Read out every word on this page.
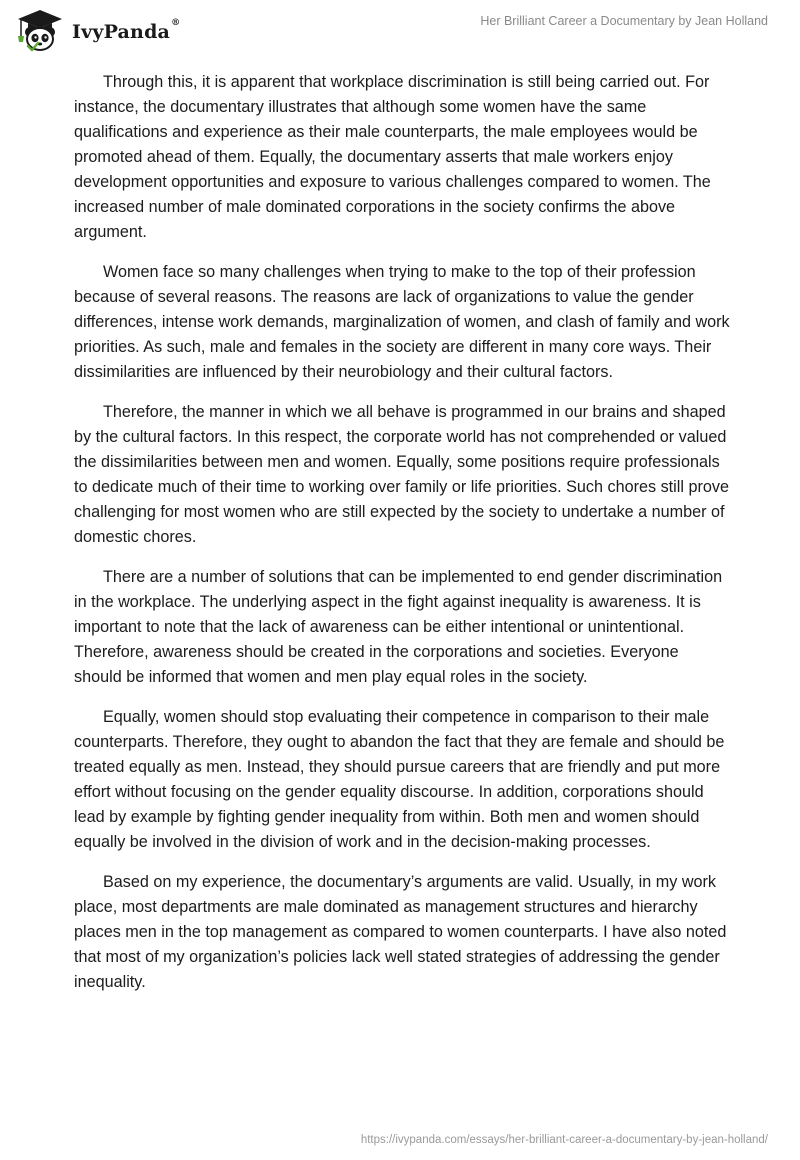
IvyPanda®	Her Brilliant Career a Documentary by Jean Holland

Through this, it is apparent that workplace discrimination is still being carried out. For instance, the documentary illustrates that although some women have the same qualifications and experience as their male counterparts, the male employees would be promoted ahead of them. Equally, the documentary asserts that male workers enjoy development opportunities and exposure to various challenges compared to women. The increased number of male dominated corporations in the society confirms the above argument.

Women face so many challenges when trying to make to the top of their profession because of several reasons. The reasons are lack of organizations to value the gender differences, intense work demands, marginalization of women, and clash of family and work priorities. As such, male and females in the society are different in many core ways. Their dissimilarities are influenced by their neurobiology and their cultural factors.

Therefore, the manner in which we all behave is programmed in our brains and shaped by the cultural factors. In this respect, the corporate world has not comprehended or valued the dissimilarities between men and women. Equally, some positions require professionals to dedicate much of their time to working over family or life priorities. Such chores still prove challenging for most women who are still expected by the society to undertake a number of domestic chores.

There are a number of solutions that can be implemented to end gender discrimination in the workplace. The underlying aspect in the fight against inequality is awareness. It is important to note that the lack of awareness can be either intentional or unintentional. Therefore, awareness should be created in the corporations and societies. Everyone should be informed that women and men play equal roles in the society.

Equally, women should stop evaluating their competence in comparison to their male counterparts. Therefore, they ought to abandon the fact that they are female and should be treated equally as men. Instead, they should pursue careers that are friendly and put more effort without focusing on the gender equality discourse. In addition, corporations should lead by example by fighting gender inequality from within. Both men and women should equally be involved in the division of work and in the decision-making processes.

Based on my experience, the documentary’s arguments are valid. Usually, in my work place, most departments are male dominated as management structures and hierarchy places men in the top management as compared to women counterparts. I have also noted that most of my organization’s policies lack well stated strategies of addressing the gender inequality.

https://ivypanda.com/essays/her-brilliant-career-a-documentary-by-jean-holland/
